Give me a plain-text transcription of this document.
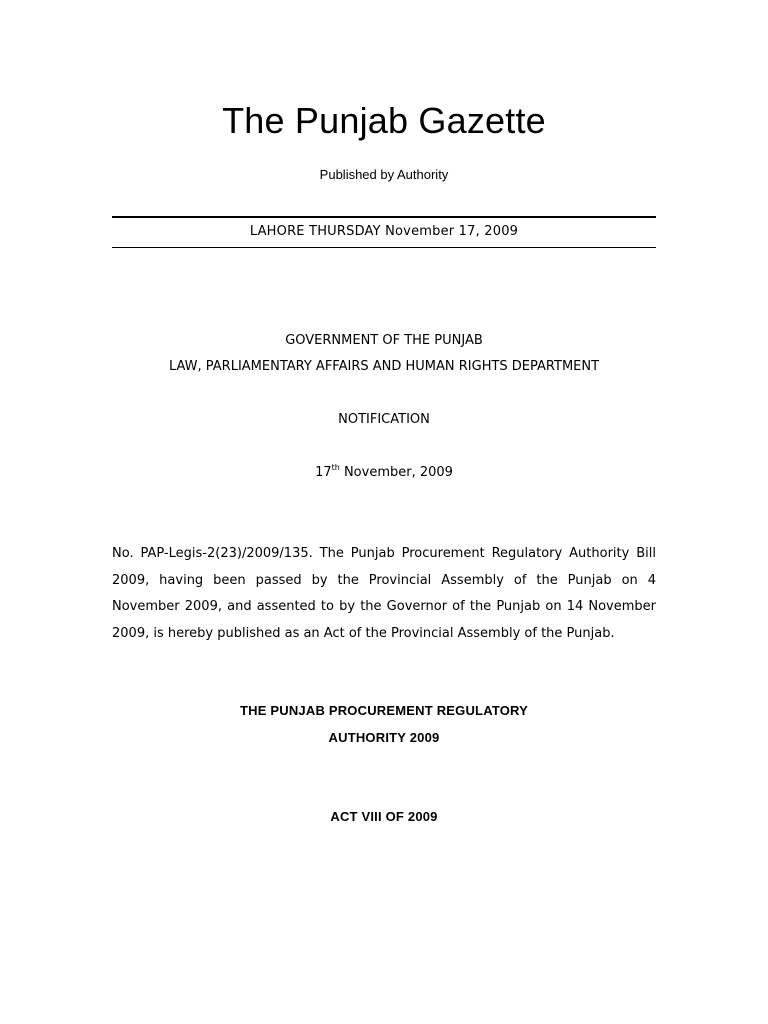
The Punjab Gazette
Published by Authority
LAHORE THURSDAY November 17, 2009
GOVERNMENT OF THE PUNJAB
LAW, PARLIAMENTARY AFFAIRS AND HUMAN RIGHTS DEPARTMENT
NOTIFICATION
17th November, 2009
No. PAP-Legis-2(23)/2009/135. The Punjab Procurement Regulatory Authority Bill 2009, having been passed by the Provincial Assembly of the Punjab on 4 November 2009, and assented to by the Governor of the Punjab on 14 November 2009, is hereby published as an Act of the Provincial Assembly of the Punjab.
THE PUNJAB PROCUREMENT REGULATORY
AUTHORITY 2009
ACT VIII OF 2009
